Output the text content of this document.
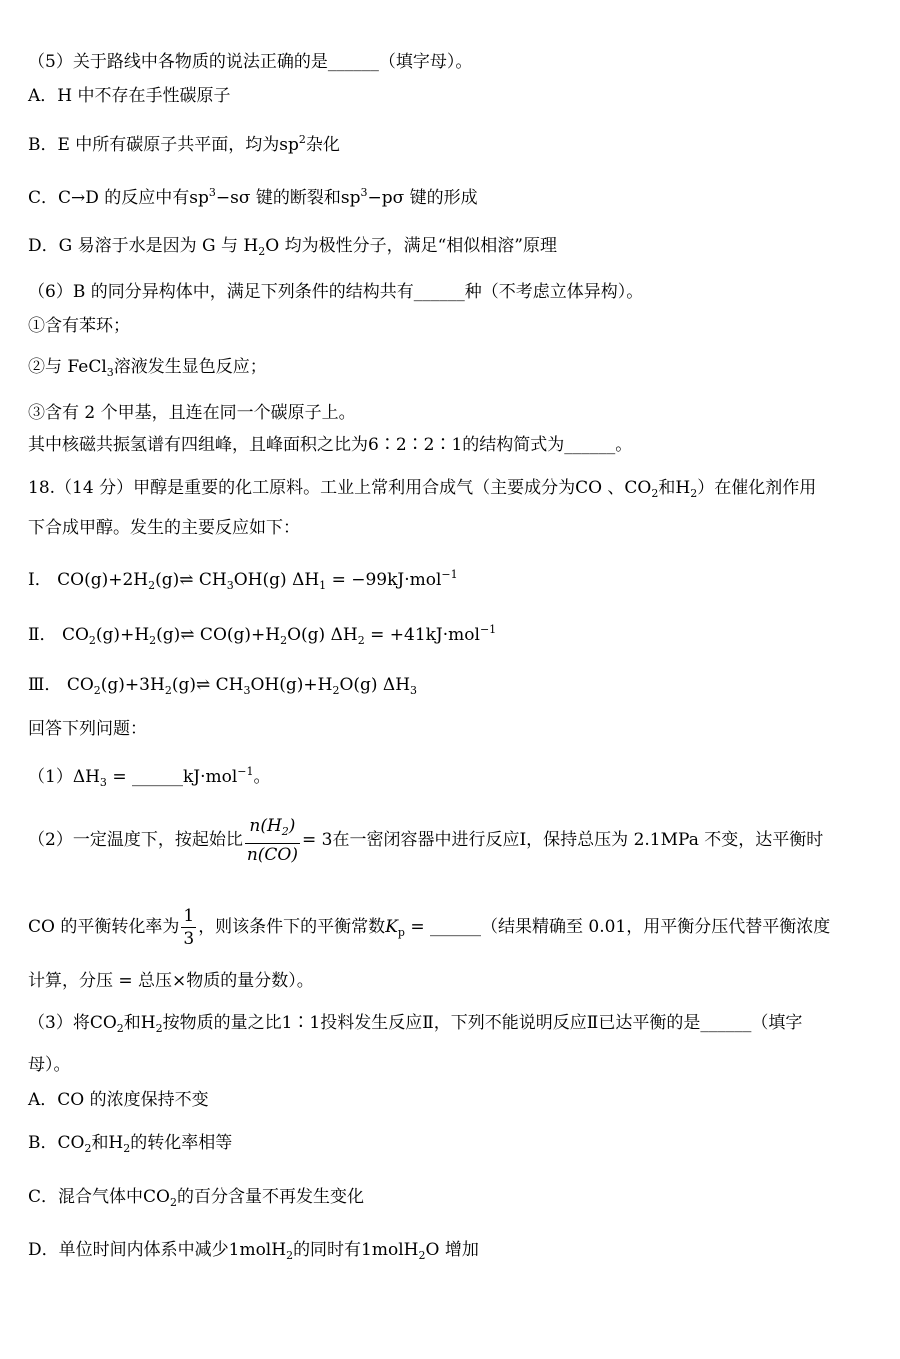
（5）关于路线中各物质的说法正确的是______（填字母）。
A．H 中不存在手性碳原子
B．E 中所有碳原子共平面，均为$sp^2$杂化
C．C→D 的反应中有$sp^3-s\sigma$ 键的断裂和$sp^3-p\sigma$ 键的形成
D．G 易溶于水是因为 G 与 $H_2O$ 均为极性分子，满足“相似相溶”原理
（6）B 的同分异构体中，满足下列条件的结构共有______种（不考虑立体异构）。
①含有苯环；
②与 FeCl$_3$溶液发生显色反应；
③含有 2 个甲基，且连在同一个碳原子上。
其中核磁共振氢谱有四组峰，且峰面积之比为6∶2∶2∶1的结构简式为______。
18.（14 分）甲醇是重要的化工原料。工业上常利用合成气（主要成分为CO 、$CO_2$和$H_2$）在催化剂作用
下合成甲醇。发生的主要反应如下：
Ⅰ． $CO(g)+2H_2(g)\rightleftharpoons$ $CH_3OH(g) \Delta H_1 = -99kJ\cdot mol^{-1}$
Ⅱ． $CO_2(g)+H_2(g)\rightleftharpoons$ $CO(g)+H_2O(g) \Delta H_2 = +41kJ\cdot mol^{-1}$
Ⅲ． $CO_2(g)+3H_2(g)\rightleftharpoons$ $CH_3OH(g)+H_2O(g)$ $\Delta H_3$
回答下列问题：
$(1)\Delta H_3$ = ______kJ·mol$^{-1}$。
（2）一定温度下，按起始比 $\frac{n(H_2)}{n(CO)} = 3$在一密闭容器中进行反应Ⅰ，保持总压为 2.1MPa 不变，达平衡时
CO 的平衡转化率为 $\frac{1}{3}$ ，则该条件下的平衡常数$K_p$ = ______（结果精确至 0.01，用平衡分压代替平衡浓度
计算，分压 = 总压×物质的量分数）。
（3）将$CO_2$和$H_2$按物质的量之比1∶1投料发生反应Ⅱ，下列不能说明反应Ⅱ已达平衡的是______（填字
母）。
A．CO 的浓度保持不变
B．$CO_2$和$H_2$的转化率相等
C．混合气体中$CO_2$的百分含量不再发生变化
D．单位时间内体系中减少1molH$_2$的同时有1molH$_2$O 增加
